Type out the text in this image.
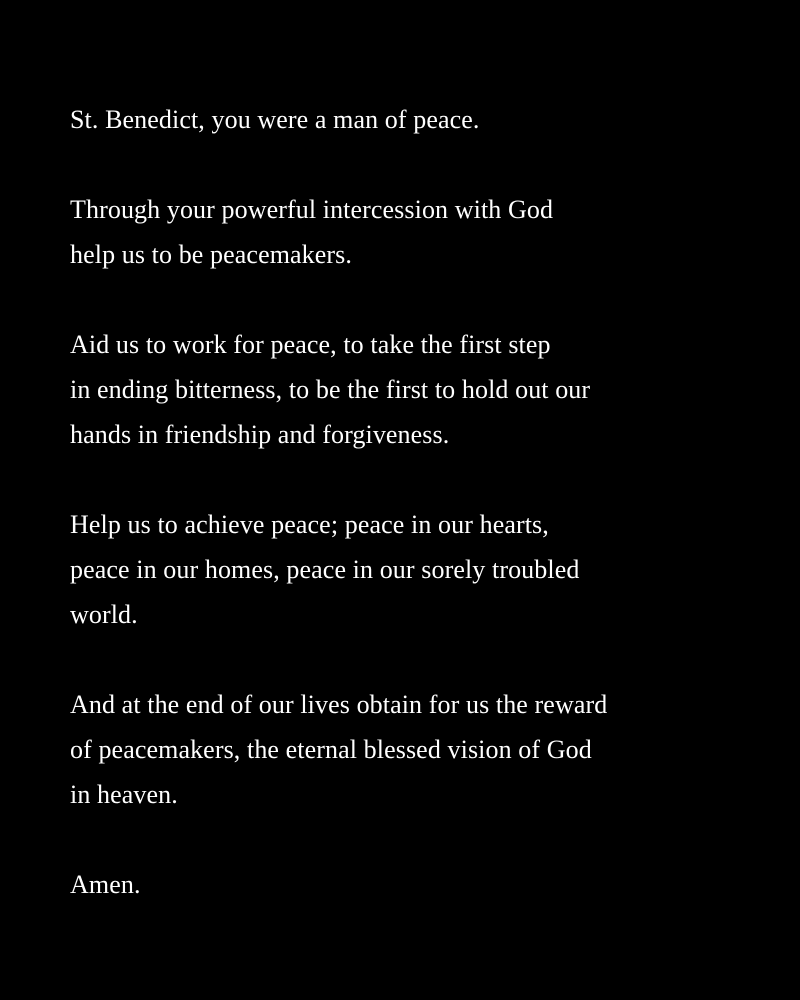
St. Benedict, you were a man of peace.

Through your powerful intercession with God
help us to be peacemakers.

Aid us to work for peace, to take the first step
in ending bitterness, to be the first to hold out our
hands in friendship and forgiveness.

Help us to achieve peace; peace in our hearts,
peace in our homes, peace in our sorely troubled
world.

And at the end of our lives obtain for us the reward
of peacemakers, the eternal blessed vision of God
in heaven.

Amen.
